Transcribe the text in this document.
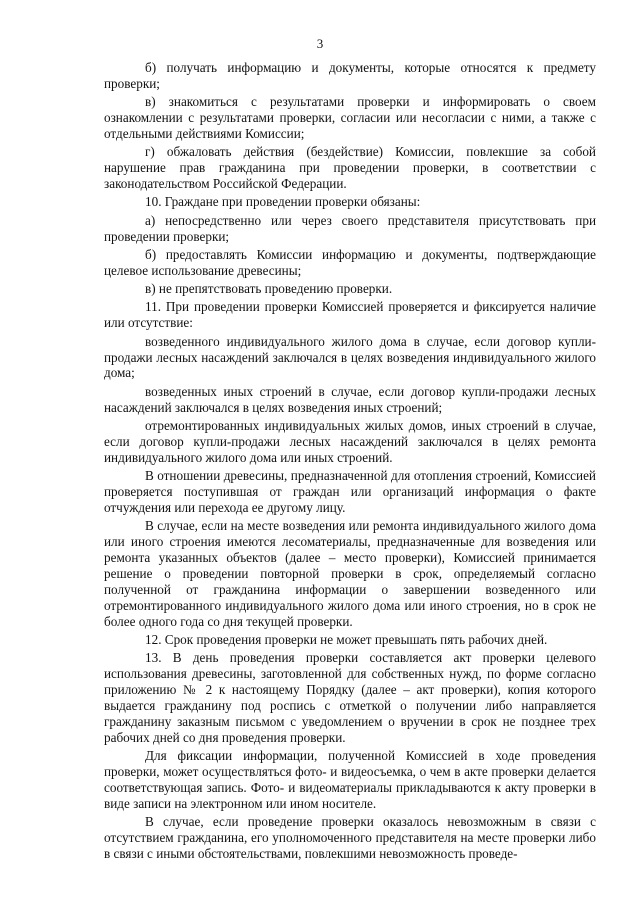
3

б) получать информацию и документы, которые относятся к предмету проверки;

в) знакомиться с результатами проверки и информировать о своем ознакомлении с результатами проверки, согласии или несогласии с ними, а также с отдельными действиями Комиссии;

г) обжаловать действия (бездействие) Комиссии, повлекшие за собой нарушение прав гражданина при проведении проверки, в соответствии с законодательством Российской Федерации.

10. Граждане при проведении проверки обязаны:

а) непосредственно или через своего представителя присутствовать при проведении проверки;

б) предоставлять Комиссии информацию и документы, подтверждающие целевое использование древесины;

в) не препятствовать проведению проверки.

11. При проведении проверки Комиссией проверяется и фиксируется наличие или отсутствие:

возведенного индивидуального жилого дома в случае, если договор купли-продажи лесных насаждений заключался в целях возведения индивидуального жилого дома;

возведенных иных строений в случае, если договор купли-продажи лесных насаждений заключался в целях возведения иных строений;

отремонтированных индивидуальных жилых домов, иных строений в случае, если договор купли-продажи лесных насаждений заключался в целях ремонта индивидуального жилого дома или иных строений.

В отношении древесины, предназначенной для отопления строений, Комиссией проверяется поступившая от граждан или организаций информация о факте отчуждения или перехода ее другому лицу.

В случае, если на месте возведения или ремонта индивидуального жилого дома или иного строения имеются лесоматериалы, предназначенные для возведения или ремонта указанных объектов (далее – место проверки), Комиссией принимается решение о проведении повторной проверки в срок, определяемый согласно полученной от гражданина информации о завершении возведенного или отремонтированного индивидуального жилого дома или иного строения, но в срок не более одного года со дня текущей проверки.

12. Срок проведения проверки не может превышать пять рабочих дней.

13. В день проведения проверки составляется акт проверки целевого использования древесины, заготовленной для собственных нужд, по форме согласно приложению № 2 к настоящему Порядку (далее – акт проверки), копия которого выдается гражданину под роспись с отметкой о получении либо направляется гражданину заказным письмом с уведомлением о вручении в срок не позднее трех рабочих дней со дня проведения проверки.

Для фиксации информации, полученной Комиссией в ходе проведения проверки, может осуществляться фото- и видеосъемка, о чем в акте проверки делается соответствующая запись. Фото- и видеоматериалы прикладываются к акту проверки в виде записи на электронном или ином носителе.

В случае, если проведение проверки оказалось невозможным в связи с отсутствием гражданина, его уполномоченного представителя на месте проверки либо в связи с иными обстоятельствами, повлекшими невозможность проведе-
